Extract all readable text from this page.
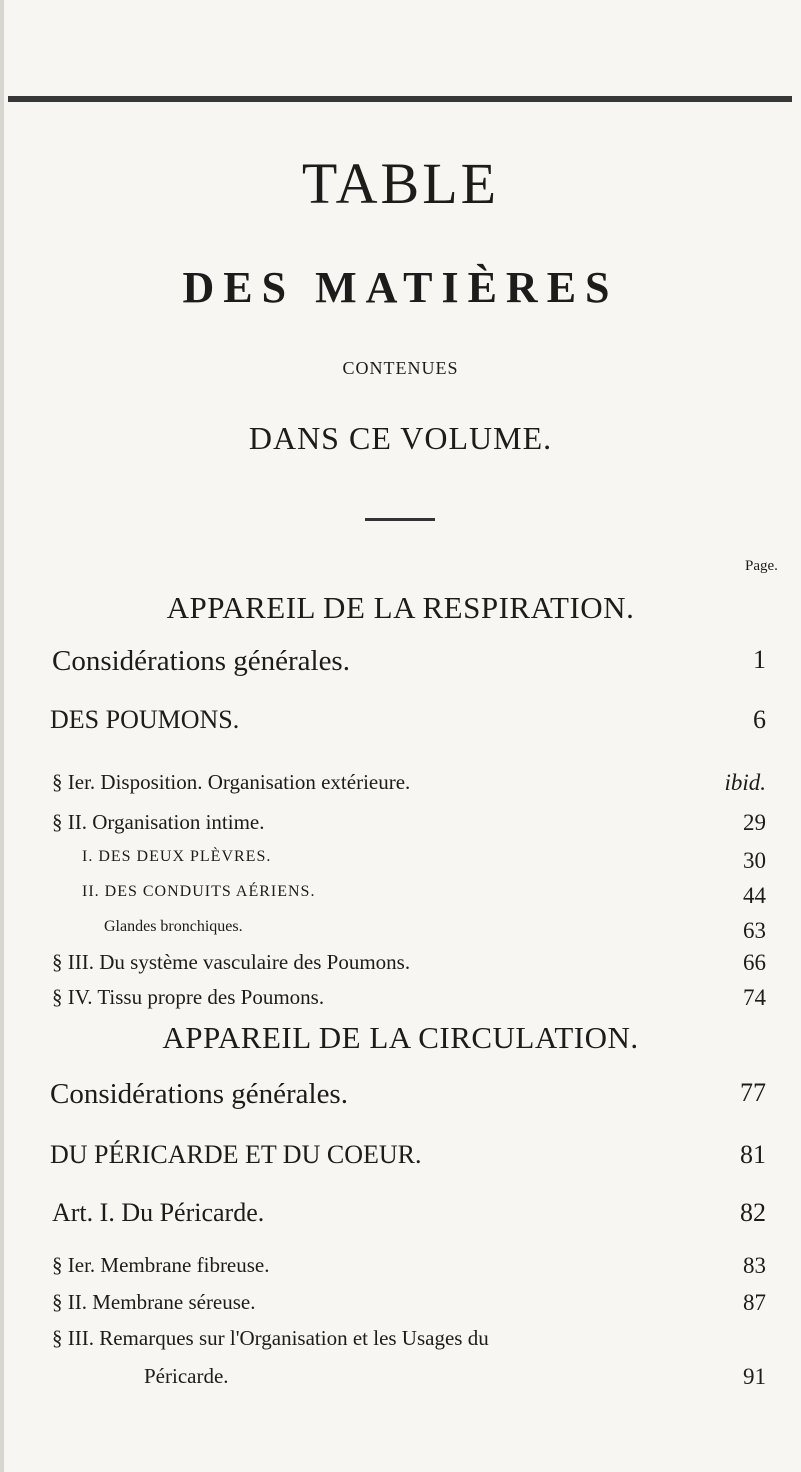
TABLE
DES MATIÈRES
CONTENUES
DANS CE VOLUME.
Page.
APPAREIL DE LA RESPIRATION.
Considérations générales.	1
DES POUMONS.	6
§ Ier. Disposition. Organisation extérieure.	ibid.
§ II. Organisation intime.	29
I. DES DEUX PLÈVRES.	30
II. DES CONDUITS AÉRIENS.	44
Glandes bronchiques.	63
§ III. Du système vasculaire des Poumons.	66
§ IV. Tissu propre des Poumons.	74
APPAREIL DE LA CIRCULATION.
Considérations générales.	77
DU PÉRICARDE ET DU COEUR.	81
Art. I. Du Péricarde.	82
§ Ier. Membrane fibreuse.	83
§ II. Membrane séreuse.	87
§ III. Remarques sur l'Organisation et les Usages du
Péricarde.	91
